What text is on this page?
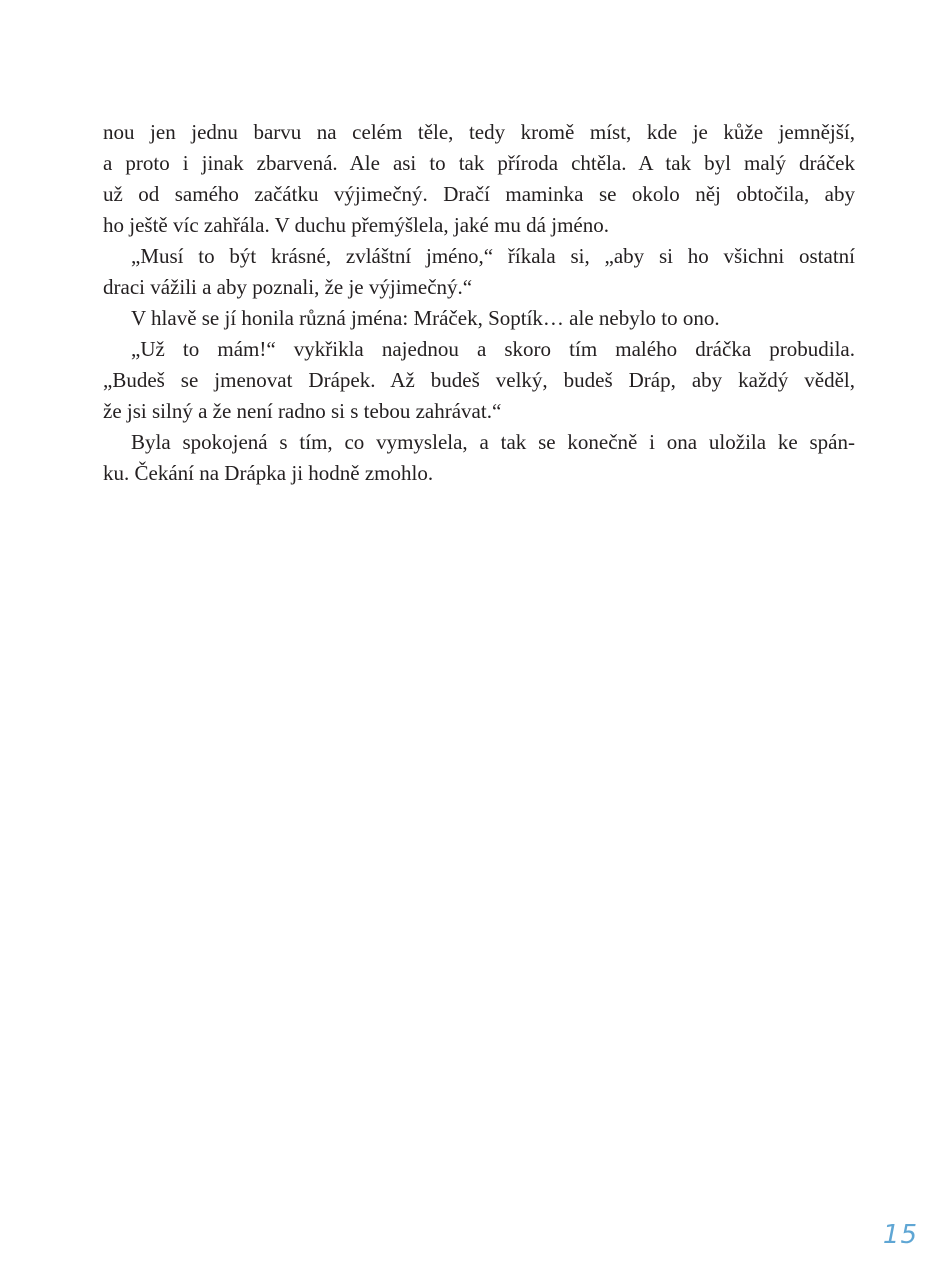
nou jen jednu barvu na celém těle, tedy kromě míst, kde je kůže jemnější,
a proto i jinak zbarvená. Ale asi to tak příroda chtěla. A tak byl malý dráček
už od samého začátku výjimečný. Dračí maminka se okolo něj obtočila, aby
ho ještě víc zahřála. V duchu přemýšlela, jaké mu dá jméno.
„Musí to být krásné, zvláštní jméno,“ říkala si, „aby si ho všichni ostatní
draci vážili a aby poznali, že je výjimečný.“
V hlavě se jí honila různá jména: Mráček, Soptík… ale nebylo to ono.
„Už to mám!“ vykřikla najednou a skoro tím malého dráčka probudila.
„Budeš se jmenovat Drápek. Až budeš velký, budeš Dráp, aby každý věděl,
že jsi silný a že není radno si s tebou zahrávat.“
Byla spokojená s tím, co vymyslela, a tak se konečně i ona uložila ke spán-
ku. Čekání na Drápka ji hodně zmohlo.
15
